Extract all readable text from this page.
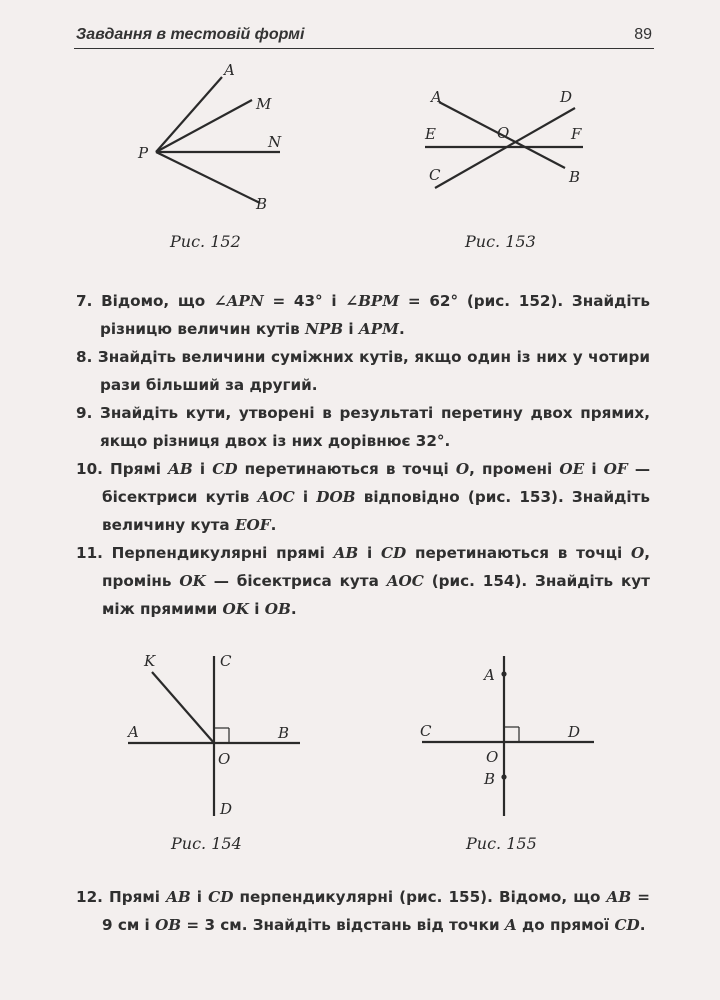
Завдання в тестовій формі	89
A
M
N
P
B
Рис. 152
A	D
E	O	F
C	B
Рис. 153
7. Відомо, що ∠APN = 43° і ∠BPM = 62° (рис. 152). Знайдіть різницю величин кутів NPB і APM.
8. Знайдіть величини суміжних кутів, якщо один із них у чотири рази більший за другий.
9. Знайдіть кути, утворені в результаті перетину двох прямих, якщо різниця двох із них дорівнює 32°.
10. Прямі AB і CD перетинаються в точці O, промені OE і OF — бісектриси кутів AOC і DOB відповідно (рис. 153). Знайдіть величину кута EOF.
11. Перпендикулярні прямі AB і CD перетинаються в точці O, промінь OK — бісектриса кута AOC (рис. 154). Знайдіть кут між прямими OK і OB.
K	C
A	B
O
D
Рис. 154
A
C	D
O
B
Рис. 155
12. Прямі AB і CD перпендикулярні (рис. 155). Відомо, що AB = 9 см і OB = 3 см. Знайдіть відстань від точки A до прямої CD.
